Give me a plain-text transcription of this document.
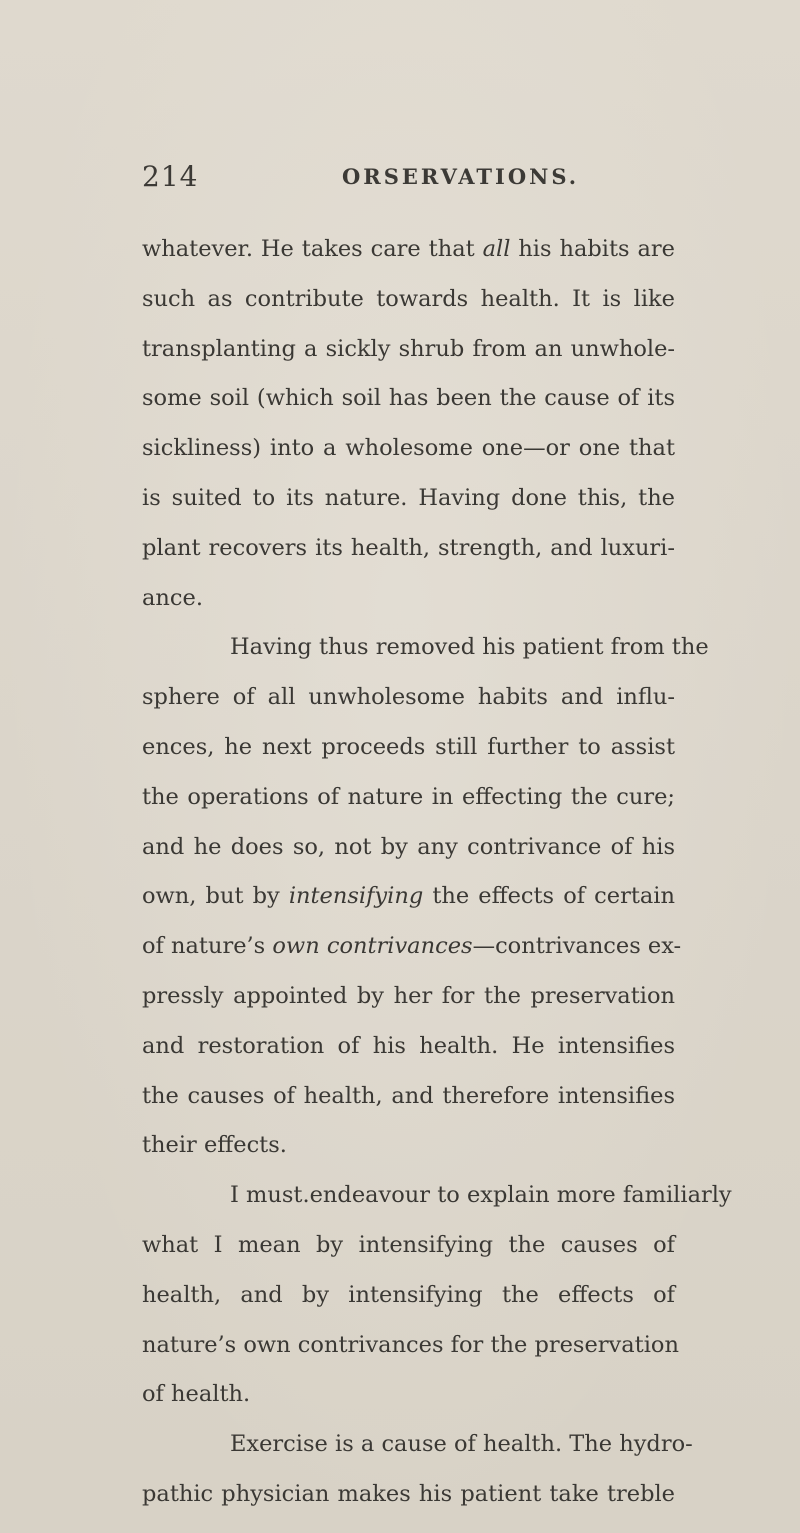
214	ORSERVATIONS.
whatever. He takes care that all his habits are
such as contribute towards health. It is like
transplanting a sickly shrub from an unwhole-
some soil (which soil has been the cause of its
sickliness) into a wholesome one—or one that
is suited to its nature. Having done this, the
plant recovers its health, strength, and luxuri-
ance.
Having thus removed his patient from the
sphere of all unwholesome habits and influ-
ences, he next proceeds still further to assist
the operations of nature in effecting the cure;
and he does so, not by any contrivance of his
own, but by intensifying the effects of certain
of nature’s own contrivances—contrivances ex-
pressly appointed by her for the preservation
and restoration of his health. He intensifies
the causes of health, and therefore intensifies
their effects.
I must.endeavour to explain more familiarly
what I mean by intensifying the causes of
health, and by intensifying the effects of
nature’s own contrivances for the preservation
of health.
Exercise is a cause of health. The hydro-
pathic physician makes his patient take treble
